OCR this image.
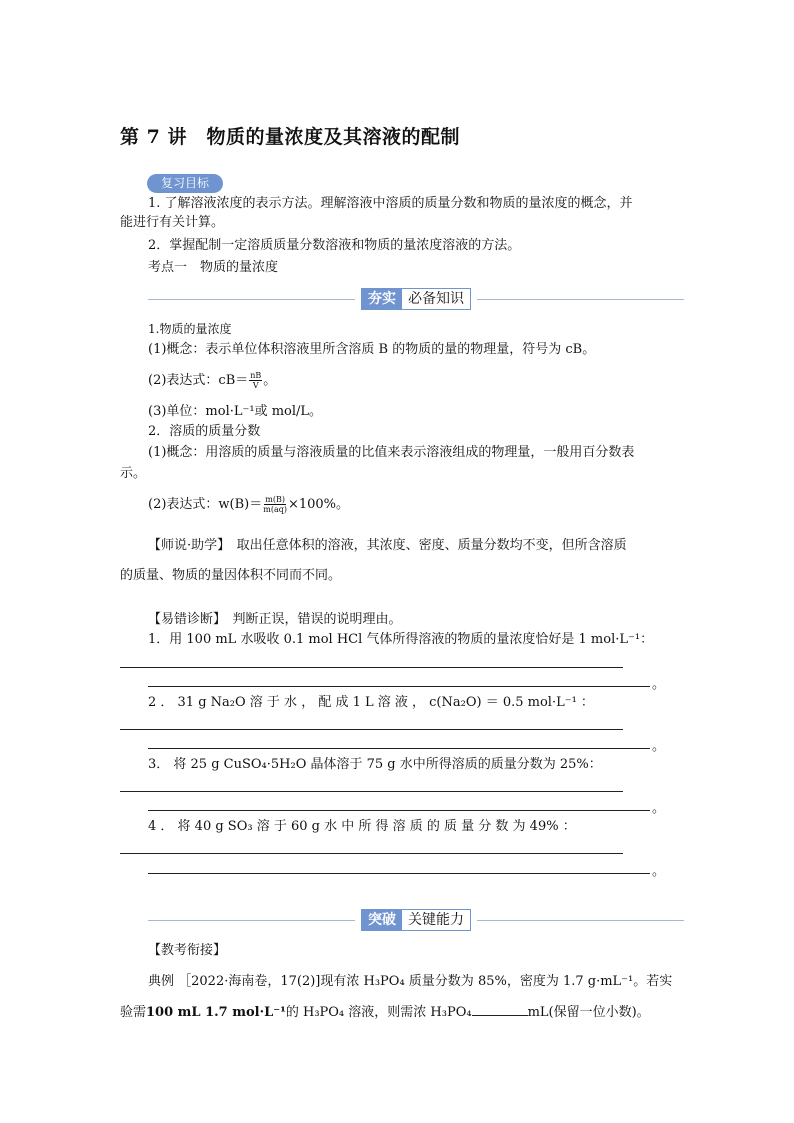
第 7 讲　物质的量浓度及其溶液的配制
复习目标
1. 了解溶液浓度的表示方法。理解溶液中溶质的质量分数和物质的量浓度的概念，并
能进行有关计算。
2．掌握配制一定溶质质量分数溶液和物质的量浓度溶液的方法。
考点一　物质的量浓度
夯实 必备知识
1.物质的量浓度
(1)概念：表示单位体积溶液里所含溶质 B 的物质的量的物理量，符号为 cB。
(2)表达式：$cB= \frac{nB}{V}$ 。
(3)单位：mol·L⁻¹或 mol/L。
2．溶质的质量分数
(1)概念：用溶质的质量与溶液质量的比值来表示溶液组成的物理量，一般用百分数表
示。
(2)表达式：$w(B)= \frac{m(B)}{m(aq)} \times 100\%$。
【师说·助学】　取出任意体积的溶液，其浓度、密度、质量分数均不变，但所含溶质
的质量、物质的量因体积不同而不同。
【易错诊断】　判断正误，错误的说明理由。
1．用 100 mL 水吸收 0.1 mol HCl 气体所得溶液的物质的量浓度恰好是 1 mol·L⁻¹：
。
2 ． 31 g Na₂O 溶 于 水 ， 配 成 1 L 溶 液 ， c(Na₂O) ＝ 0.5 mol·L⁻¹ ：
。
3． 将 25 g CuSO₄·5H₂O 晶体溶于 75 g 水中所得溶质的质量分数为 25%：
。
4 ． 将 40 g SO₃ 溶 于 60 g 水 中 所 得 溶 质 的 质 量 分 数 为 49% ：
。
突破 关键能力
【教考衔接】
典例 ［2022·海南卷，17(2)]现有浓 H₃PO₄ 质量分数为 85%，密度为 1.7 g·mL⁻¹。若实
验需100 mL 1.7 mol·L⁻¹的 H₃PO₄ 溶液，则需浓 H₃PO₄	mL(保留一位小数)。
